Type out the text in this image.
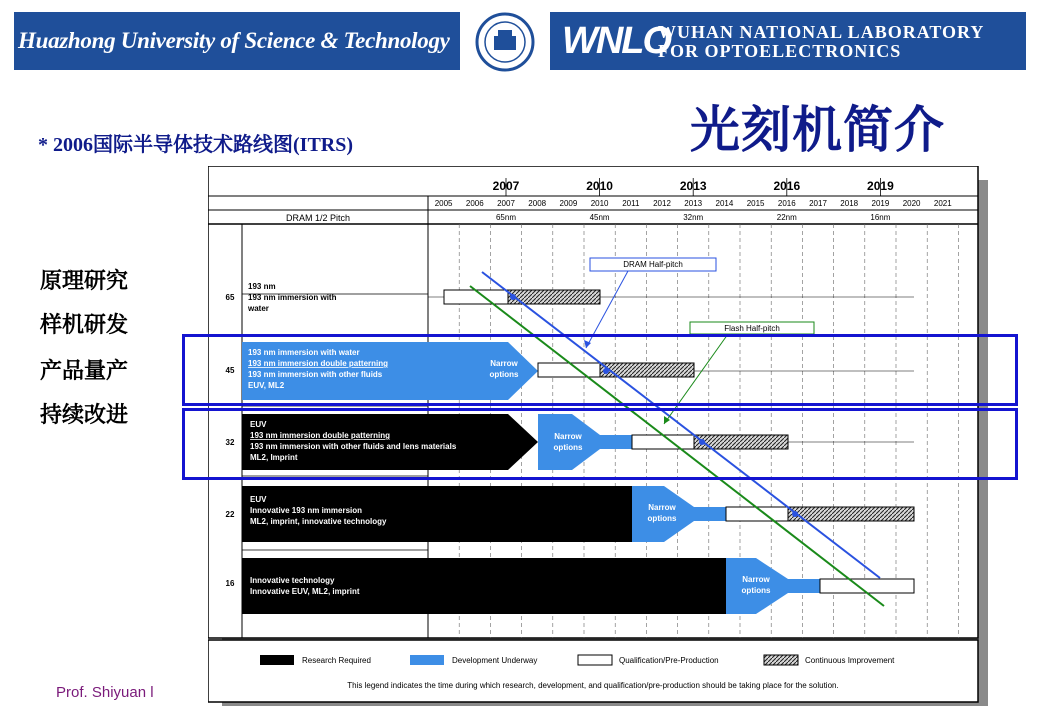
Huazhong University of Science & Technology	WNLO
WUHAN NATIONAL LABORATORY
FOR OPTOELECTRONICS
* 2006国际半导体技术路线图(ITRS)	光刻机简介
原理研究
样机研发
产品量产
持续改进
Prof. Shiyuan l
2005 2006 2007 2008 2009 2010 2011 2012 2013 2014 2015 2016 2017 2018 2019 2020 2021
2007	2010	2013	2016	2019
65nm	45nm	32nm	22nm	16nm
DRAM 1/2 Pitch
65
45
32
22
16
193 nm
193 nm immersion with
water
193 nm immersion with water
193 nm immersion double patterning
193 nm immersion with other fluids
EUV, ML2
Narrow
options
EUV
193 nm immersion double patterning
193 nm immersion with other fluids and lens materials
ML2, Imprint
Narrow
options
EUV
Innovative 193 nm immersion
ML2, imprint, innovative technology
Narrow
options
Innovative technology
Innovative EUV, ML2, imprint
Narrow
options
DRAM Half-pitch
Flash Half-pitch
Research Required	Development Underway	Qualification/Pre-Production	Continuous Improvement
This legend indicates the time during which research, development, and qualification/pre-production should be taking place for the solution.
